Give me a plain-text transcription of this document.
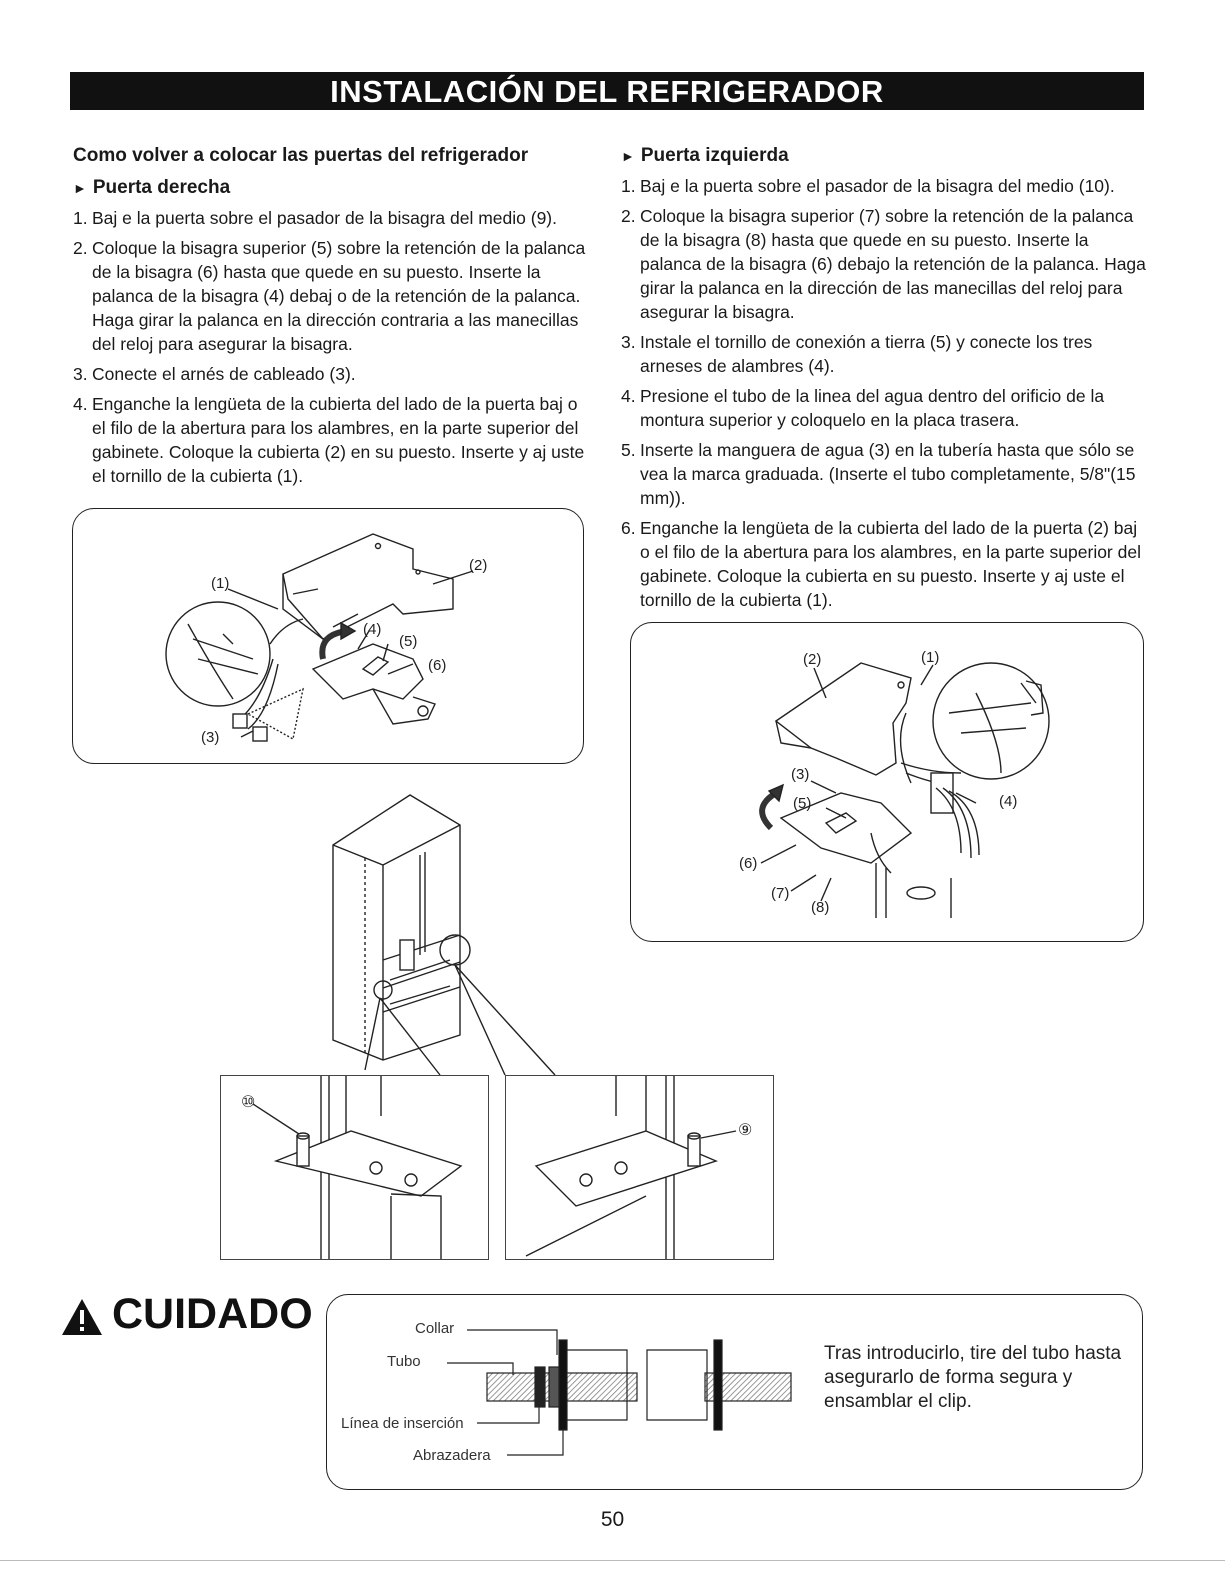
INSTALACIÓN DEL REFRIGERADOR
Como volver a colocar las puertas del refrigerador
► Puerta derecha
1. Baj e la puerta sobre el pasador de la bisagra del medio (9).
2. Coloque la bisagra superior (5) sobre la retención de la palanca de la bisagra (6) hasta que quede en su puesto. Inserte la palanca de la bisagra (4) debaj o de la retención de la palanca. Haga girar la palanca en la dirección contraria a las manecillas del reloj para asegurar la bisagra.
3. Conecte el arnés de cableado (3).
4. Enganche la lengüeta de la cubierta del lado de la puerta baj o el filo de la abertura para los alambres, en la parte superior del gabinete. Coloque la cubierta (2) en su puesto. Inserte y aj uste el tornillo de la cubierta (1).
(1)
(2)
(3)
(4)
(5)
(6)
► Puerta izquierda
1. Baj e la puerta sobre el pasador de la bisagra del medio (10).
2. Coloque la bisagra superior (7) sobre la retención de la palanca de la bisagra (8) hasta que quede en su puesto. Inserte la palanca de la bisagra (6) debajo la retención de la palanca. Haga girar la palanca en la dirección de las manecillas del reloj para asegurar la bisagra.
3. Instale el tornillo de conexión a tierra (5) y conecte los tres arneses de alambres (4).
4. Presione el tubo de la linea del agua dentro del orificio de la montura superior y coloquelo en la placa trasera.
5. Inserte la manguera de agua (3) en la tubería hasta que sólo se vea la marca graduada. (Inserte el tubo completamente, 5/8"(15 mm)).
6. Enganche la lengüeta de la cubierta del lado de la puerta (2) baj o el filo de la abertura para los alambres, en la parte superior del gabinete. Coloque la cubierta en su puesto. Inserte y aj uste el tornillo de la cubierta (1).
(2)	(1)
(3)
(5)	(4)
(6)
(7)
(8)
⑩
⑨
CUIDADO	Collar
Tubo
Línea de inserción
Abrazadera
Tras introducirlo, tire del tubo hasta asegurarlo de forma segura y ensamblar el clip.
50
